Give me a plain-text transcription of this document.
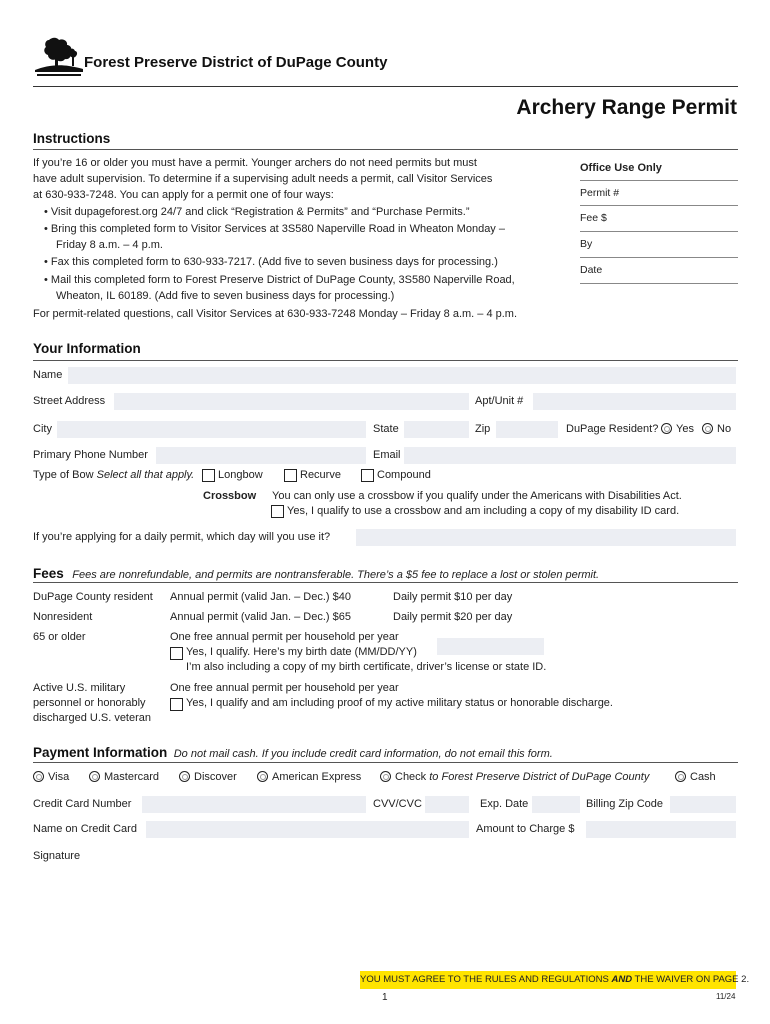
Forest Preserve District of DuPage County
Archery Range Permit
Instructions
If you’re 16 or older you must have a permit. Younger archers do not need permits but must
have adult supervision. To determine if a supervising adult needs a permit, call Visitor Services
at 630-933-7248. You can apply for a permit one of four ways:
• Visit dupageforest.org 24/7 and click “Registration & Permits” and “Purchase Permits.”
• Bring this completed form to Visitor Services at 3S580 Naperville Road in Wheaton Monday –
Friday 8 a.m. – 4 p.m.
• Fax this completed form to 630-933-7217. (Add five to seven business days for processing.)
• Mail this completed form to Forest Preserve District of DuPage County, 3S580 Naperville Road,
Wheaton, IL 60189. (Add five to seven business days for processing.)
For permit-related questions, call Visitor Services at 630-933-7248 Monday – Friday 8 a.m. – 4 p.m.
Office Use Only
Permit #
Fee $
By
Date
Your Information
Name
Street Address	Apt/Unit #
City	State	Zip	DuPage Resident? Yes No
Primary Phone Number	Email
Type of Bow Select all that apply. Longbow	Recurve	Compound
Crossbow You can only use a crossbow if you qualify under the Americans with Disabilities Act.
Yes, I qualify to use a crossbow and am including a copy of my disability ID card.
If you’re applying for a daily permit, which day will you use it?
Fees Fees are nonrefundable, and permits are nontransferable. There’s a $5 fee to replace a lost or stolen permit.
DuPage County resident Annual permit (valid Jan. – Dec.) $40	Daily permit $10 per day
Nonresident	Annual permit (valid Jan. – Dec.) $65	Daily permit $20 per day
65 or older	One free annual permit per household per year
Yes, I qualify. Here’s my birth date (MM/DD/YY)
I’m also including a copy of my birth certificate, driver’s license or state ID.
Active U.S. military
personnel or honorably
discharged U.S. veteran
One free annual permit per household per year
Yes, I qualify and am including proof of my active military status or honorable discharge.
Payment Information Do not mail cash. If you include credit card information, do not email this form.
Visa	Mastercard	Discover	American Express	Check to Forest Preserve District of DuPage County	Cash
Credit Card Number	CVV/CVC	Exp. Date	Billing Zip Code
Name on Credit Card	Amount to Charge $
Signature
YOU MUST AGREE TO THE RULES AND REGULATIONS AND THE WAIVER ON PAGE 2.
1	11/24
